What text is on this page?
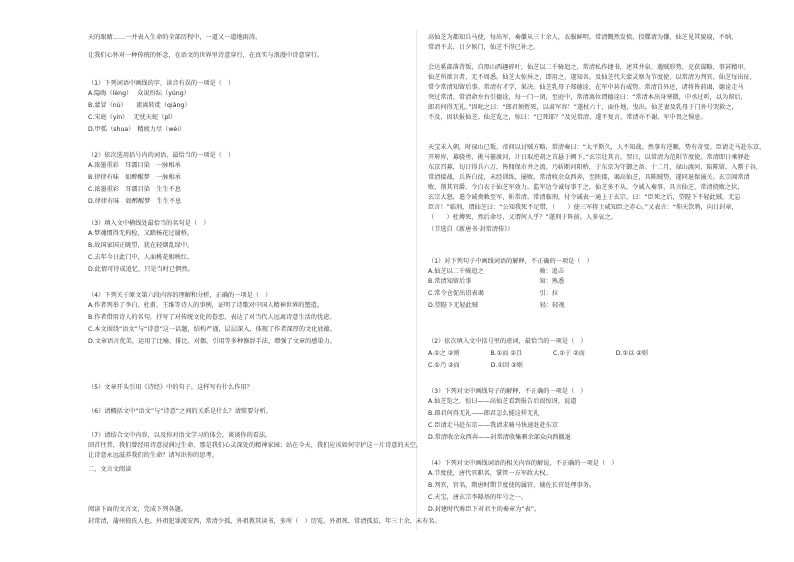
天的眼睛……一并表入生命的全部历程中，一道又一道地雨涛。
让我们心怀对一种传统的怀念，在语文的世界里诗意穿行，在真实与浪漫中诗意穿行。
（1）下列词语中画线的字，读音有误的一项是（　）
A.隐晦（lèng）　 众说纷纭（yúng）
B.蒙冒（nù）　　流离转徙（qiáng）
C.宋庭（yín）　 无忧天蛇（pǐ）
D.甲弧（shua）　精疲力尽（wèi）
（2）依次选用括号内的词语，最恰当的一项是（　）
A.浓墨重彩　耳濡目染　一脉相承
B.律律有味　如醉醒梦　一脉相承
C.浓墨重彩　耳濡目染　生生不息
D.律律有味　如醉醒梦　生生不息
（3）填入文中横线处最恰当的名句是（　）
A.梦魂惯得无拘检，又踏杨花过谢桥。
B.故国家国正眺望，犹在轻烟乱绿中。
C.去年今日此门中，人面桃花相映红。
D.此情可待成追忆，只是当时已惘然。
（4）下列关于原文第六段内容的理解和分析，正确的一项是（　）
A.作者列举了李白、杜甫、王维等诗人的事例，证明了诗歌对中国人精神世界的塑造。
B.作者借用诗人的名句，抒写了对传统文化的眷恋，表达了对当代人远离诗意生活的忧虑。
C.本文围绕“语文”与“诗意”这一话题，结构严谨，层层深入，体现了作者深厚的文化底蕴。
D.文章语言优美，运用了比喻、排比、对偶、引用等多种修辞手法，增强了文章的感染力。
（5）文章开头引用《诗经》中的句子，这样写有什么作用？
（6）请概括文中“语文”与“诗意”之间的关系是什么？请简要分析。
（7）请结合文中内容，以及你对语文学习的体会，谈谈你的看法。
回首往昔，我们曾经用诗意浸润过生命，那是我们心灵深处的精神家园；站在今天，我们应该如何守护这一片诗意的天空，
让诗意永远滋养我们的生命？请写出你的思考。
二、文言文阅读
阅读下面的文言文，完成下列各题。
封常清，蒲州猗氏人也。外祖犯罪流安西，常清少孤，外祖教其读书，多所（　）历览。外祖死，常清孤贫，年三十余，未有名。
高仙芝为都知兵马使，每出军，奏傔从三十余人，衣服鲜明。常清慨然发愤，投牒请为傔，仙芝见其貌寝，不纳。
常清不去，日夕候门，仙芝不得已补之。
会达奚部落背叛，自黑山西趣碎叶，仙芝以二千骑追之，常清私作捷书，述其井泉、遇贼形势、克获谋略，事甚精审。
仙芝所欲言者，无不周悉。仙芝大惊异之，即用之，遂知名。及仙芝代夫蒙灵察为节度使，以常清为判官。仙芝每出征，
常令常清知留后事。常清有才学，果决。仙芝乳母子郑德诠，在军中甚有威势。常清自外还，诸将皆前谒，德诠走马
突过常清，常清命左右引德诠，每一门一闭，至庭中，常清离位谓德诠曰：“常清本出身寒微，中丞过听，以为留后，
郎君何得无礼。”因叱之曰：“郎君须暂死，以肃军容！”遂杖六十，面仆地，曳出。仙芝妻及乳母于门外号哭救之，
不及，因状报仙芝。仙芝览之，惊曰：“已死耶？”及见常清，遂不复言，常清亦不谢。军中畏之惕息。
天宝末入朝，时禄山已叛，帝问以讨贼方略，常清奏曰：“太平斯久，人不知战。然事有逆顺，势有奇变。臣请走马赴东京，
开府库，募骁勇，挑马箠渡河，计日取逆胡之首悬于阙下。”玄宗壮其言。翌日，以常清为范阳节度使。常清即日乘驿赴
东京召募，旬日得兵六万，皆佣保市井之流。乃斩断河阳桥，于东京为守御之备。十二月，禄山渡河，陷陈留，入罂子谷，
常清接战，兵皆白徒，未经训练，屡败。常清收余众西奔，至陕郡，谒高仙芝，具陈贼势，遂同退保潼关。玄宗闻常清
败，削其官爵，令白衣于仙芝军效力。监军边令诚每事干之，仙芝多不从，令诚入奏事，具言仙芝、常清挠败之状，
玄宗大怒，遣令诚赍敕至军，斩常清。常清临刑，付令诚表一通上于玄宗，曰：“臣死之后，望陛下不轻此贼，无忘
臣言！”临刑，谓仙芝曰：“公知我死不足惜，（　　）使三军将士咸知臣之赤心。”又表言：“仰天饮鸩，向日封章，
（　　）杜傅死，然后命尽，又谓何人乎？”遂刑于阵前。人多哀之。
（节选自《新唐书·封常清传》）
（1）对下列句子中画线词语的解释，不正确的一项是（　）
A.仙芝以二千骑追之　　　　　　　　　骑：追击
B.常清知留后事　　　　　　　　　　　知：熟悉
C.常令仓促出诏表谒　　　　　　　　　引：拉
D.望陛下无轻此贼　　　　　　　　　　轻：轻视
（2）依次填入文中括号里的虚词，最恰当的一项是（　）
A.①之 ②则　　　　　B.①而 ②且　　　　　C.①于 ②而　　　　　D.①以 ②则
C.①乃 ②而　　　　　D.①因 ②则
（3）下列对文中画线句子的解释，不正确的一项是（　）
A.仙芝览之，惊曰——高仙芝看到报告后很惊讶，说道
B.郎君何得无礼——郎君怎么能这样无礼
C.臣请走马赴东京——我请求骑马快速赶赴东京
D.常清收余众西奔——封常清收集剩余部众向西撤退
（4）下列对文中画线词语的相关内容的解说，不正确的一项是（　）
A.节度使，唐代官职名，掌管一方军政大权。
B.判官，官名，隋唐时期节度使的属官，辅佐长官处理事务。
C.天宝，唐玄宗李隆基的年号之一。
D.封建时代称臣下对君主的奏章为“表”。
